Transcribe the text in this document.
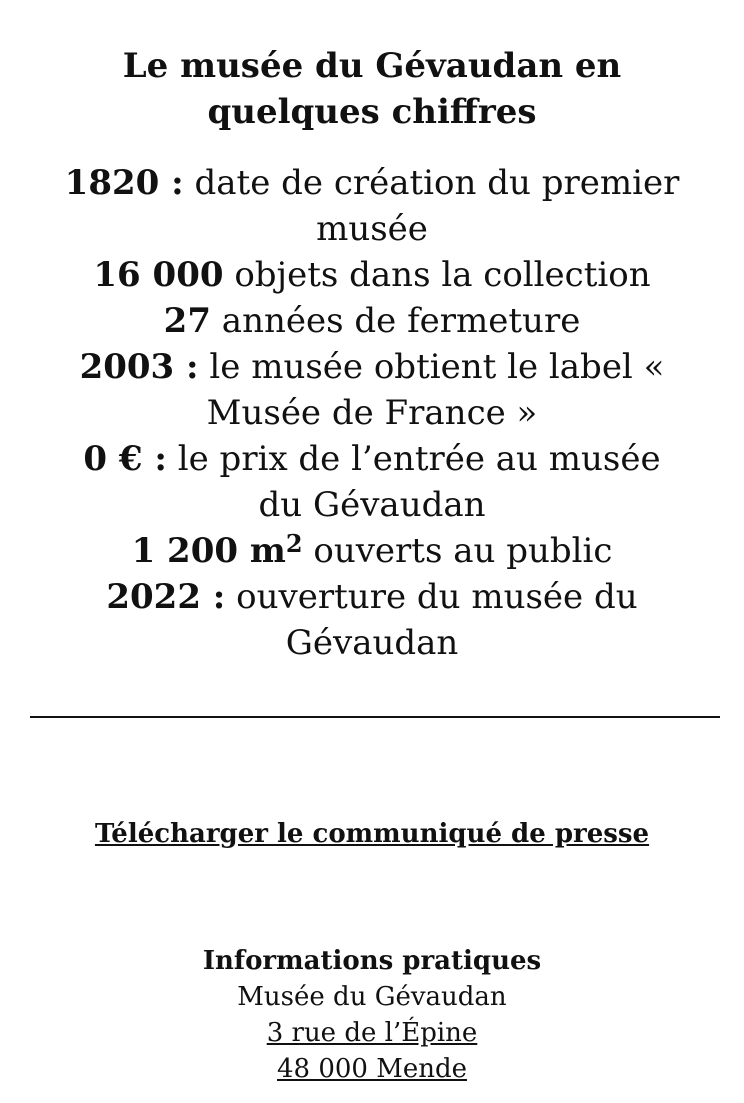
Le musée du Gévaudan en quelques chiffres
1820 : date de création du premier musée
16 000 objets dans la collection
27 années de fermeture
2003 : le musée obtient le label « Musée de France »
0 € : le prix de l’entrée au musée du Gévaudan
1 200 $m^2$ ouverts au public
2022 : ouverture du musée du Gévaudan
Télécharger le communiqué de presse
Informations pratiques
Musée du Gévaudan
3 rue de l’Épine
48 000 Mende
